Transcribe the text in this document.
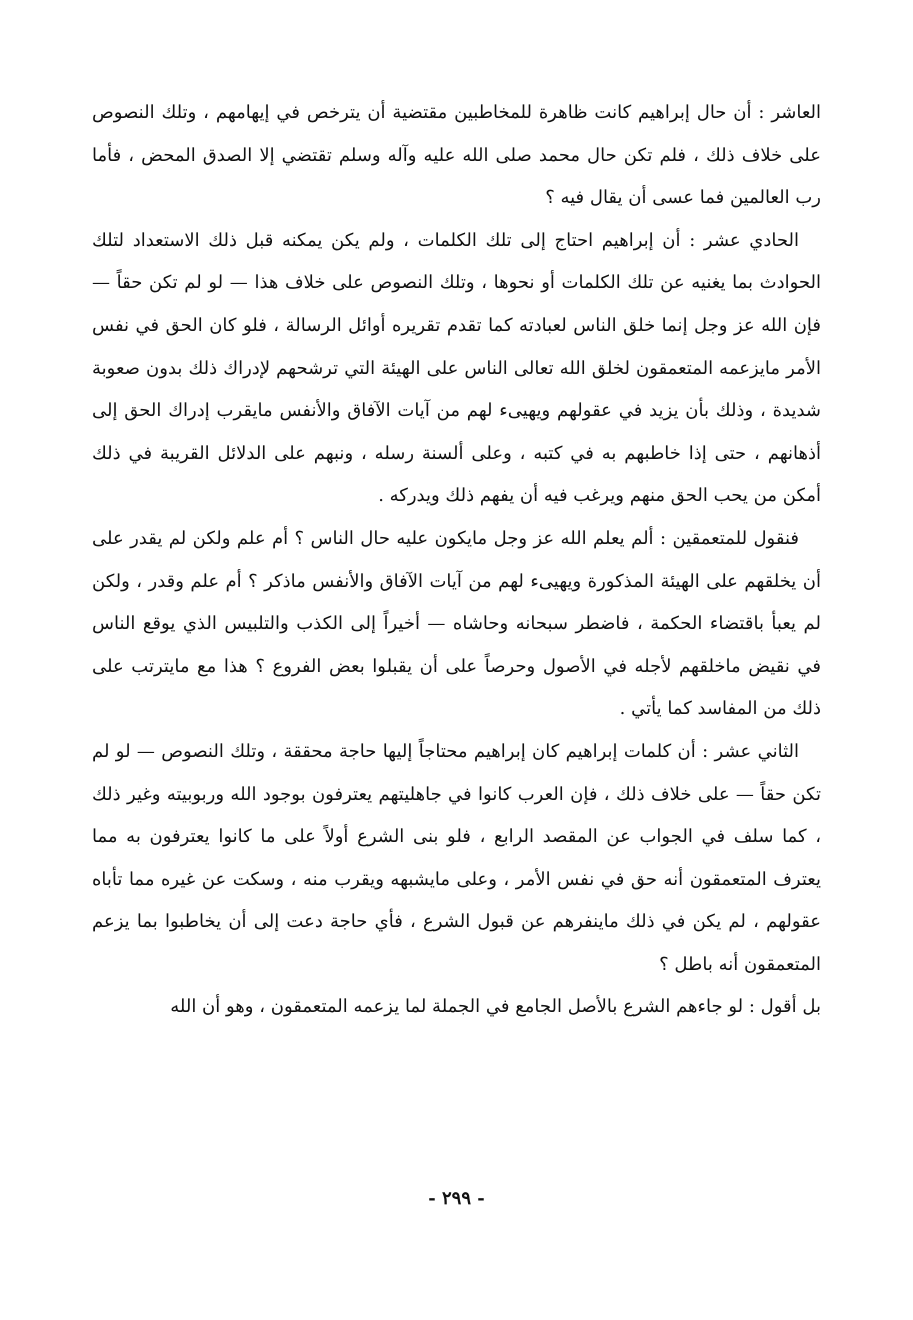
العاشر : أن حال إبراهيم كانت ظاهرة للمخاطبين مقتضية أن يترخص في إيهامهم ، وتلك النصوص على خلاف ذلك ، فلم تكن حال محمد صلى الله عليه وآله وسلم تقتضي إلا الصدق المحض ، فأما رب العالمين فما عسى أن يقال فيه ؟

الحادي عشر : أن إبراهيم احتاج إلى تلك الكلمات ، ولم يكن يمكنه قبل ذلك الاستعداد لتلك الحوادث بما يغنيه عن تلك الكلمات أو نحوها ، وتلك النصوص على خلاف هذا — لو لم تكن حقاً — فإن الله عز وجل إنما خلق الناس لعبادته كما تقدم تقريره أوائل الرسالة ، فلو كان الحق في نفس الأمر مايزعمه المتعمقون لخلق الله تعالى الناس على الهيئة التي ترشحهم لإدراك ذلك بدون صعوبة شديدة ، وذلك بأن يزيد في عقولهم ويهيىء لهم من آيات الآفاق والأنفس مايقرب إدراك الحق إلى أذهانهم ، حتى إذا خاطبهم به في كتبه ، وعلى ألسنة رسله ، ونبهم على الدلائل القريبة في ذلك أمكن من يحب الحق منهم ويرغب فيه أن يفهم ذلك ويدركه .

فنقول للمتعمقين : ألم يعلم الله عز وجل مايكون عليه حال الناس ؟ أم علم ولكن لم يقدر على أن يخلقهم على الهيئة المذكورة ويهيىء لهم من آيات الآفاق والأنفس ماذكر ؟ أم علم وقدر ، ولكن لم يعبأ باقتضاء الحكمة ، فاضطر سبحانه وحاشاه — أخيراً إلى الكذب والتلبيس الذي يوقع الناس في نقيض ماخلقهم لأجله في الأصول وحرصاً على أن يقبلوا بعض الفروع ؟ هذا مع مايترتب على ذلك من المفاسد كما يأتي .

الثاني عشر : أن كلمات إبراهيم كان إبراهيم محتاجاً إليها حاجة محققة ، وتلك النصوص — لو لم تكن حقاً — على خلاف ذلك ، فإن العرب كانوا في جاهليتهم يعترفون بوجود الله وربوبيته وغير ذلك ، كما سلف في الجواب عن المقصد الرابع ، فلو بنى الشرع أولاً على ما كانوا يعترفون به مما يعترف المتعمقون أنه حق في نفس الأمر ، وعلى مايشبهه ويقرب منه ، وسكت عن غيره مما تأباه عقولهم ، لم يكن في ذلك ماينفرهم عن قبول الشرع ، فأي حاجة دعت إلى أن يخاطبوا بما يزعم المتعمقون أنه باطل ؟

بل أقول : لو جاءهم الشرع بالأصل الجامع في الجملة لما يزعمه المتعمقون ، وهو أن الله

- ٢٩٩ -
